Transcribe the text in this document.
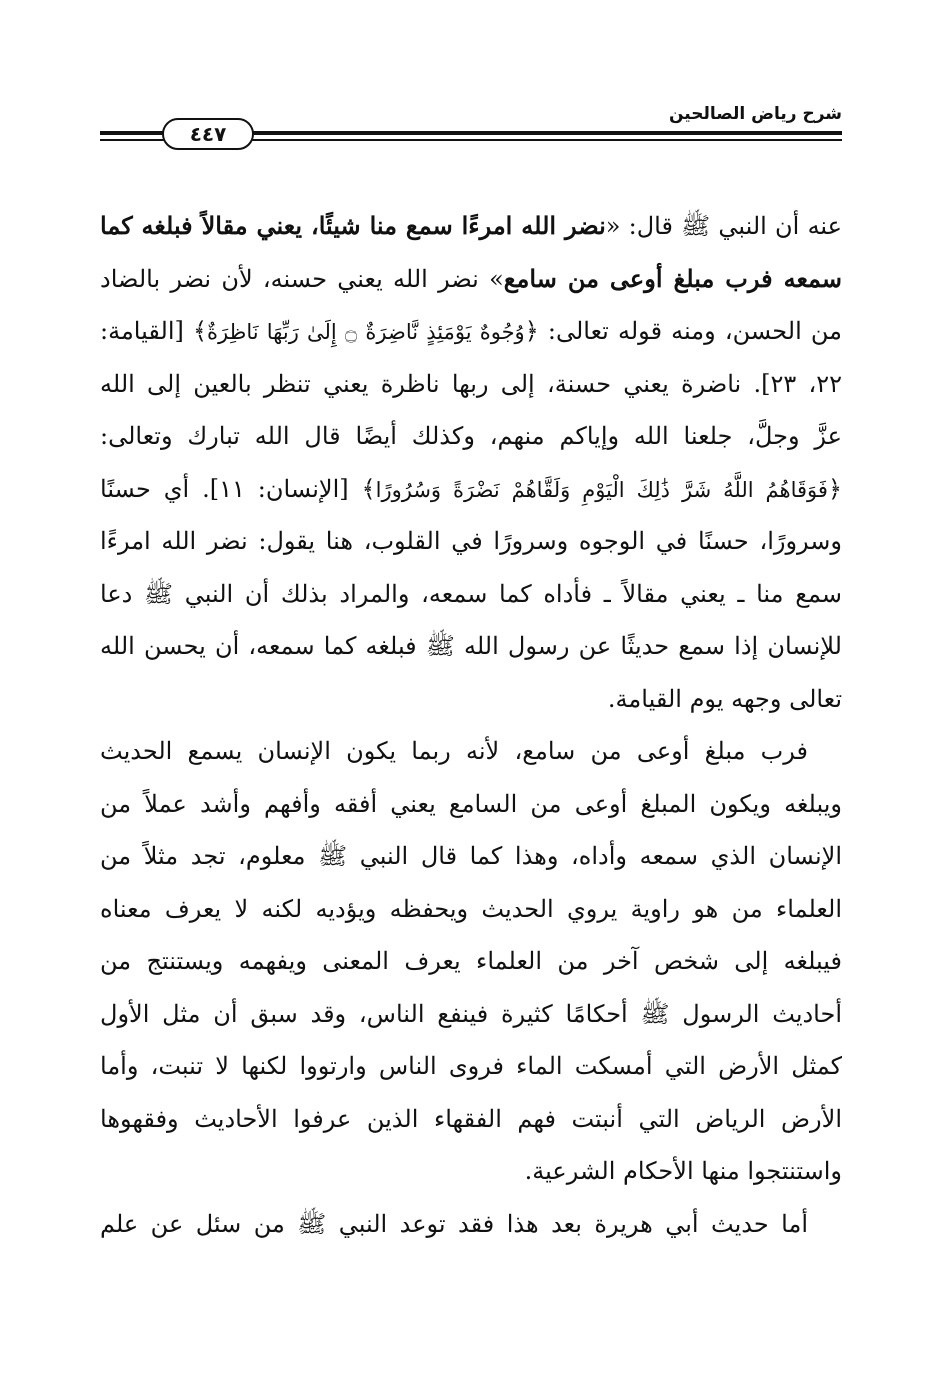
شرح رياض الصالحين
٤٤٧
عنه أن النبي ﷺ قال: «نضر الله امرءًا سمع منا شيئًا، يعني مقالاً فبلغه كما
سمعه فرب مبلغ أوعى من سامع» نضر الله يعني حسنه، لأن نضر بالضاد
من الحسن، ومنه قوله تعالى: ﴿وُجُوهٌ يَوْمَئِذٍ نَّاضِرَةٌ ۝ إِلَىٰ رَبِّهَا نَاظِرَةٌ﴾ [القيامة:
٢٢، ٢٣]. ناضرة يعني حسنة، إلى ربها ناظرة يعني تنظر بالعين إلى الله
عزَّ وجلَّ، جلعنا الله وإياكم منهم، وكذلك أيضًا قال الله تبارك وتعالى:
﴿فَوَقَاهُمُ اللَّهُ شَرَّ ذَٰلِكَ الْيَوْمِ وَلَقَّاهُمْ نَضْرَةً وَسُرُورًا﴾ [الإنسان: ١١]. أي حسنًا
وسرورًا، حسنًا في الوجوه وسرورًا في القلوب، هنا يقول: نضر الله امرءًا
سمع منا ـ يعني مقالاً ـ فأداه كما سمعه، والمراد بذلك أن النبي ﷺ دعا
للإنسان إذا سمع حديثًا عن رسول الله ﷺ فبلغه كما سمعه، أن يحسن الله
تعالى وجهه يوم القيامة.
فرب مبلغ أوعى من سامع، لأنه ربما يكون الإنسان يسمع الحديث
ويبلغه ويكون المبلغ أوعى من السامع يعني أفقه وأفهم وأشد عملاً من
الإنسان الذي سمعه وأداه، وهذا كما قال النبي ﷺ معلوم، تجد مثلاً من
العلماء من هو راوية يروي الحديث ويحفظه ويؤديه لكنه لا يعرف معناه
فيبلغه إلى شخص آخر من العلماء يعرف المعنى ويفهمه ويستنتج من
أحاديث الرسول ﷺ أحكامًا كثيرة فينفع الناس، وقد سبق أن مثل الأول
كمثل الأرض التي أمسكت الماء فروى الناس وارتووا لكنها لا تنبت، وأما
الأرض الرياض التي أنبتت فهم الفقهاء الذين عرفوا الأحاديث وفقهوها
واستنتجوا منها الأحكام الشرعية.
أما حديث أبي هريرة بعد هذا فقد توعد النبي ﷺ من سئل عن علم
